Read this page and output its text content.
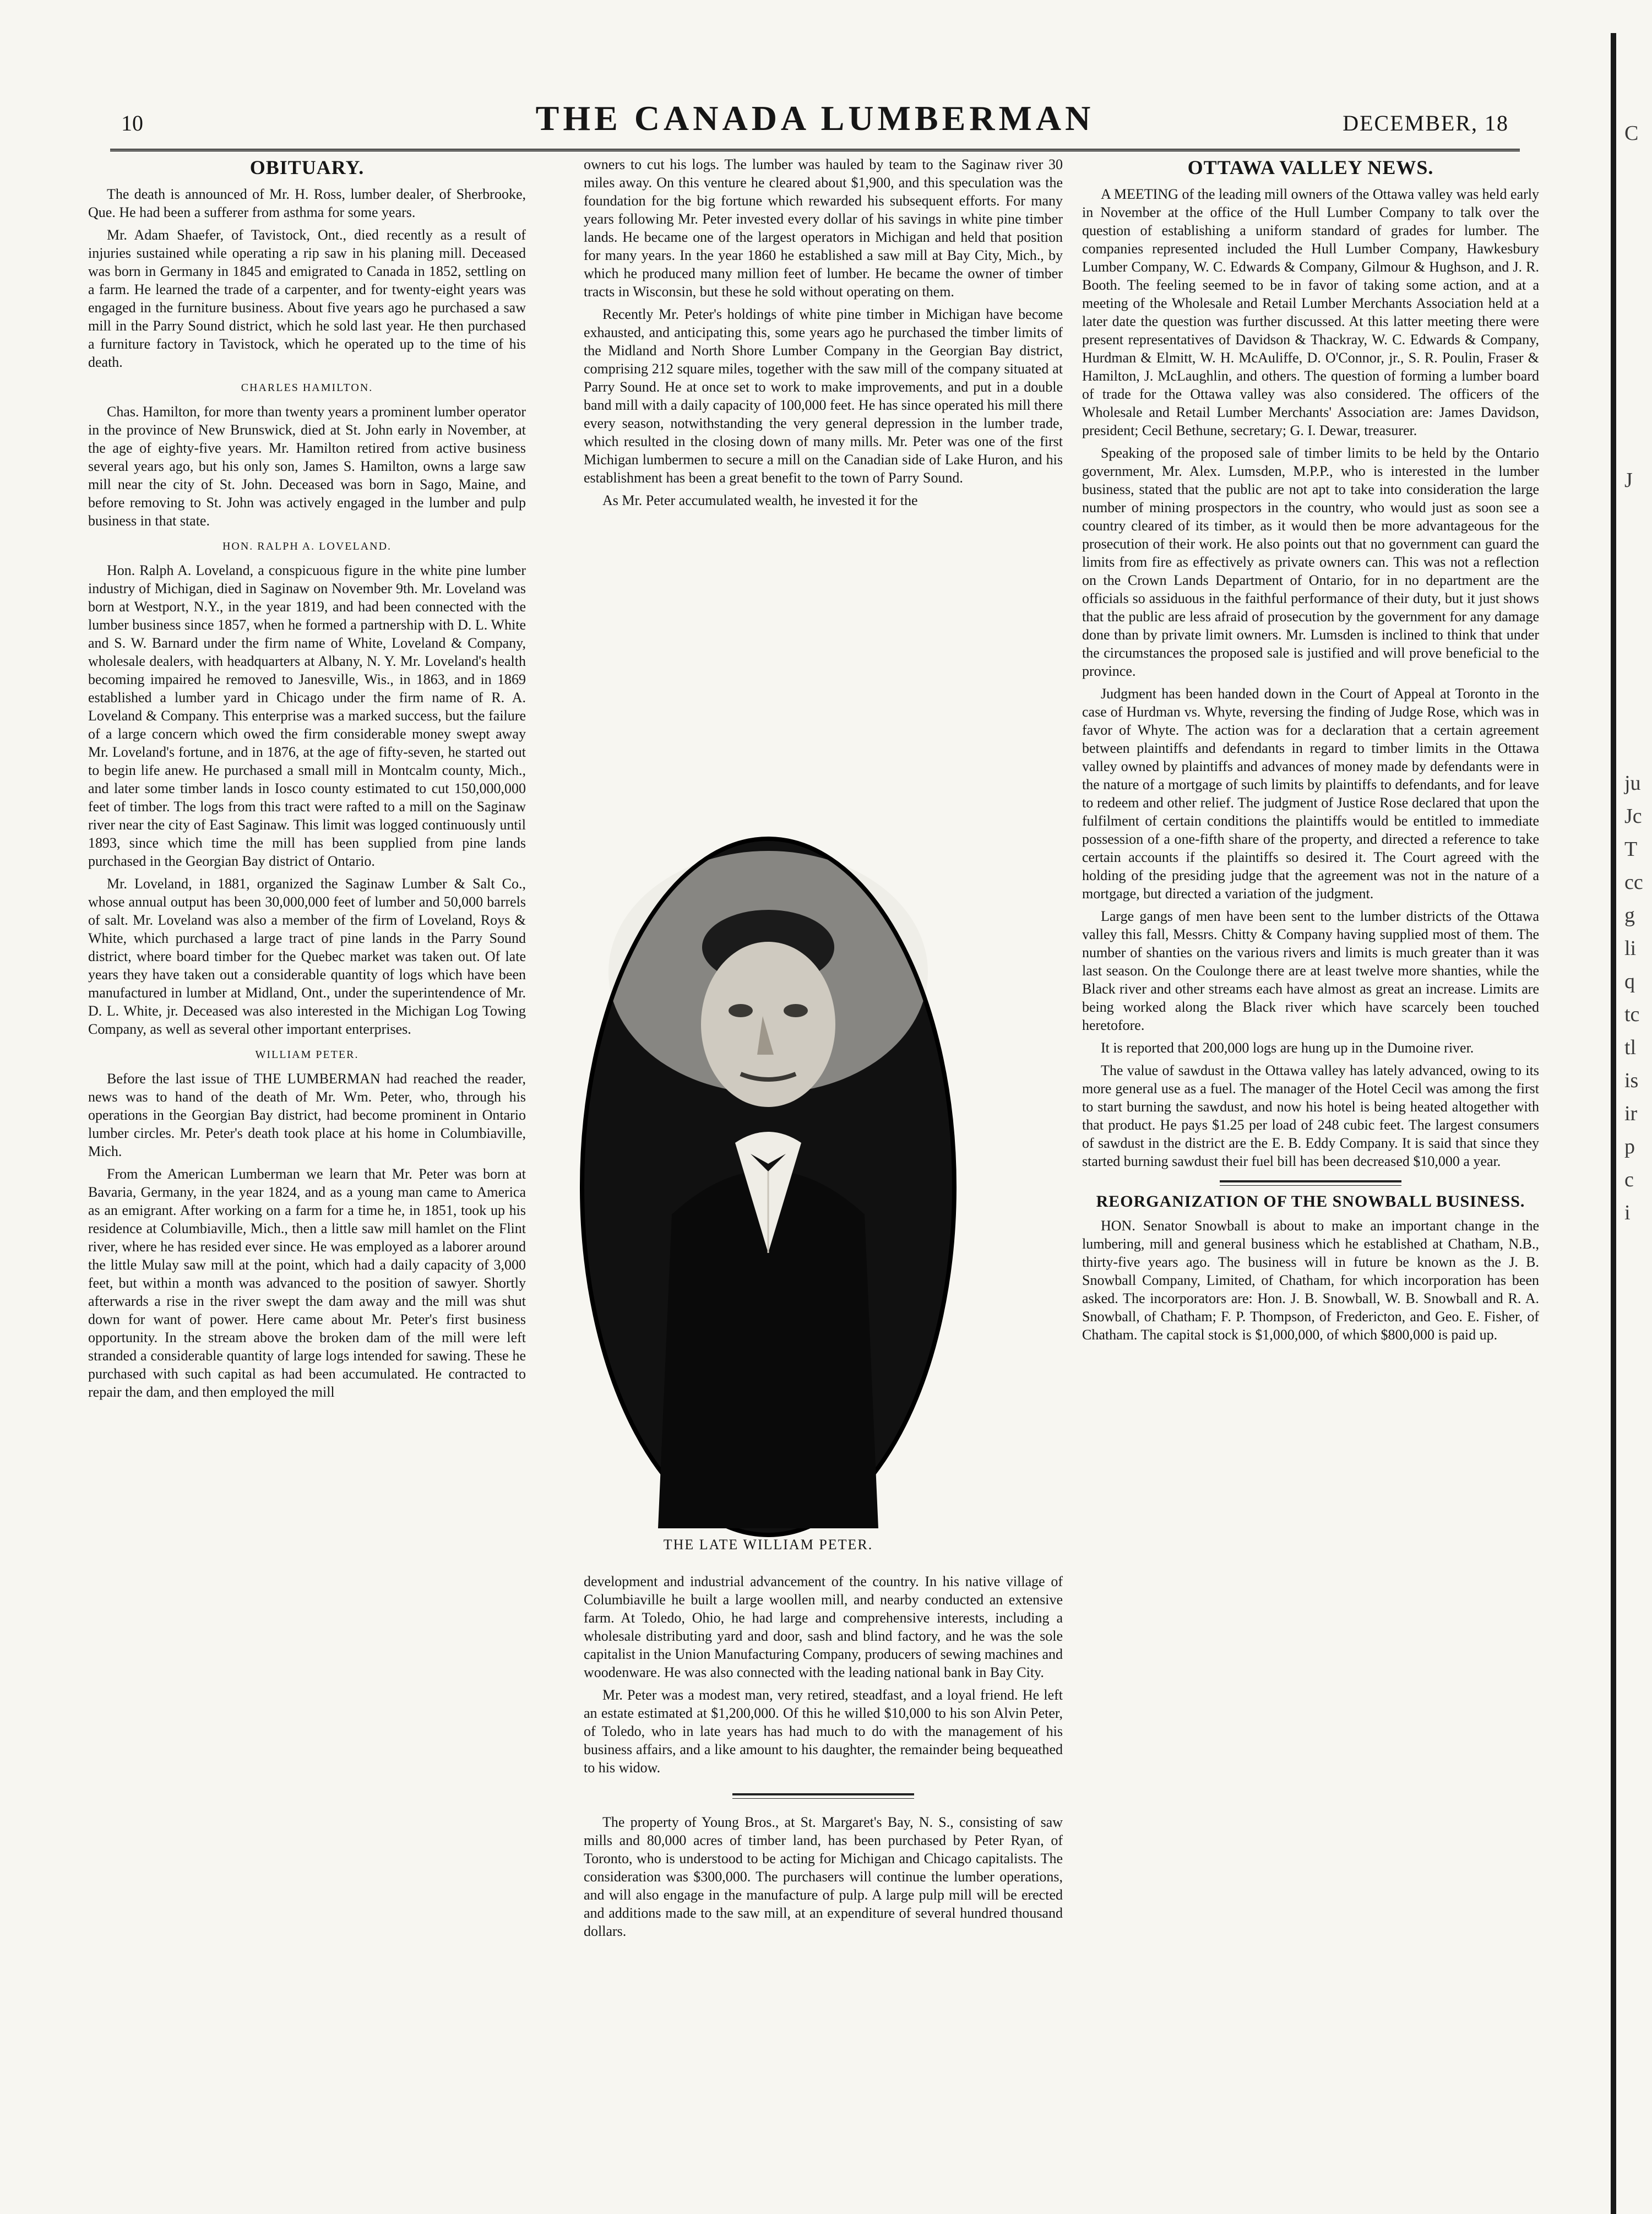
10	THE CANADA LUMBERMAN	DECEMBER, 18
OBITUARY.

The death is announced of Mr. H. Ross, lumber dealer, of Sherbrooke, Que. He had been a sufferer from asthma for some years.

Mr. Adam Shaefer, of Tavistock, Ont., died recently as a result of injuries sustained while operating a rip saw in his planing mill. Deceased was born in Germany in 1845 and emigrated to Canada in 1852, settling on a farm. He learned the trade of a carpenter, and for twenty-eight years was engaged in the furniture business. About five years ago he purchased a saw mill in the Parry Sound district, which he sold last year. He then purchased a furniture factory in Tavistock, which he operated up to the time of his death.

CHARLES HAMILTON.

Chas. Hamilton, for more than twenty years a prominent lumber operator in the province of New Brunswick, died at St. John early in November, at the age of eighty-five years. Mr. Hamilton retired from active business several years ago, but his only son, James S. Hamilton, owns a large saw mill near the city of St. John. Deceased was born in Sago, Maine, and before removing to St. John was actively engaged in the lumber and pulp business in that state.

HON. RALPH A. LOVELAND.

Hon. Ralph A. Loveland, a conspicuous figure in the white pine lumber industry of Michigan, died in Saginaw on November 9th. Mr. Loveland was born at Westport, N.Y., in the year 1819, and had been connected with the lumber business since 1857, when he formed a partnership with D. L. White and S. W. Barnard under the firm name of White, Loveland & Company, wholesale dealers, with headquarters at Albany, N. Y. Mr. Loveland's health becoming impaired he removed to Janesville, Wis., in 1863, and in 1869 established a lumber yard in Chicago under the firm name of R. A. Loveland & Company. This enterprise was a marked success, but the failure of a large concern which owed the firm considerable money swept away Mr. Loveland's fortune, and in 1876, at the age of fifty-seven, he started out to begin life anew. He purchased a small mill in Montcalm county, Mich., and later some timber lands in Iosco county estimated to cut 150,000,000 feet of timber. The logs from this tract were rafted to a mill on the Saginaw river near the city of East Saginaw. This limit was logged continuously until 1893, since which time the mill has been supplied from pine lands purchased in the Georgian Bay district of Ontario.

Mr. Loveland, in 1881, organized the Saginaw Lumber & Salt Co., whose annual output has been 30,000,000 feet of lumber and 50,000 barrels of salt. Mr. Loveland was also a member of the firm of Loveland, Roys & White, which purchased a large tract of pine lands in the Parry Sound district, where board timber for the Quebec market was taken out. Of late years they have taken out a considerable quantity of logs which have been manufactured in lumber at Midland, Ont., under the superintendence of Mr. D. L. White, jr. Deceased was also interested in the Michigan Log Towing Company, as well as several other important enterprises.

WILLIAM PETER.

Before the last issue of THE LUMBERMAN had reached the reader, news was to hand of the death of Mr. Wm. Peter, who, through his operations in the Georgian Bay district, had become prominent in Ontario lumber circles. Mr. Peter's death took place at his home in Columbiaville, Mich.

From the American Lumberman we learn that Mr. Peter was born at Bavaria, Germany, in the year 1824, and as a young man came to America as an emigrant. After working on a farm for a time he, in 1851, took up his residence at Columbiaville, Mich., then a little saw mill hamlet on the Flint river, where he has resided ever since. He was employed as a laborer around the little Mulay saw mill at the point, which had a daily capacity of 3,000 feet, but within a month was advanced to the position of sawyer. Shortly afterwards a rise in the river swept the dam away and the mill was shut down for want of power. Here came about Mr. Peter's first business opportunity. In the stream above the broken dam of the mill were left stranded a considerable quantity of large logs intended for sawing. These he purchased with such capital as had been accumulated. He contracted to repair the dam, and then employed the mill

owners to cut his logs. The lumber was hauled by team to the Saginaw river 30 miles away. On this venture he cleared about $1,900, and this speculation was the foundation for the big fortune which rewarded his subsequent efforts. For many years following Mr. Peter invested every dollar of his savings in white pine timber lands. He became one of the largest operators in Michigan and held that position for many years. In the year 1860 he established a saw mill at Bay City, Mich., by which he produced many million feet of lumber. He became the owner of timber tracts in Wisconsin, but these he sold without operating on them.

Recently Mr. Peter's holdings of white pine timber in Michigan have become exhausted, and anticipating this, some years ago he purchased the timber limits of the Midland and North Shore Lumber Company in the Georgian Bay district, comprising 212 square miles, together with the saw mill of the company situated at Parry Sound. He at once set to work to make improvements, and put in a double band mill with a daily capacity of 100,000 feet. He has since operated his mill there every season, notwithstanding the very general depression in the lumber trade, which resulted in the closing down of many mills. Mr. Peter was one of the first Michigan lumbermen to secure a mill on the Canadian side of Lake Huron, and his establishment has been a great benefit to the town of Parry Sound.

As Mr. Peter accumulated wealth, he invested it for the

THE LATE WILLIAM PETER.

development and industrial advancement of the country. In his native village of Columbiaville he built a large woollen mill, and nearby conducted an extensive farm. At Toledo, Ohio, he had large and comprehensive interests, including a wholesale distributing yard and door, sash and blind factory, and he was the sole capitalist in the Union Manufacturing Company, producers of sewing machines and woodenware. He was also connected with the leading national bank in Bay City.

Mr. Peter was a modest man, very retired, steadfast, and a loyal friend. He left an estate estimated at $1,200,000. Of this he willed $10,000 to his son Alvin Peter, of Toledo, who in late years has had much to do with the management of his business affairs, and a like amount to his daughter, the remainder being bequeathed to his widow.

The property of Young Bros., at St. Margaret's Bay, N. S., consisting of saw mills and 80,000 acres of timber land, has been purchased by Peter Ryan, of Toronto, who is understood to be acting for Michigan and Chicago capitalists. The consideration was $300,000. The purchasers will continue the lumber operations, and will also engage in the manufacture of pulp. A large pulp mill will be erected and additions made to the saw mill, at an expenditure of several hundred thousand dollars.

OTTAWA VALLEY NEWS.

A MEETING of the leading mill owners of the Ottawa valley was held early in November at the office of the Hull Lumber Company to talk over the question of establishing a uniform standard of grades for lumber. The companies represented included the Hull Lumber Company, Hawkesbury Lumber Company, W. C. Edwards & Company, Gilmour & Hughson, and J. R. Booth. The feeling seemed to be in favor of taking some action, and at a meeting of the Wholesale and Retail Lumber Merchants Association held at a later date the question was further discussed. At this latter meeting there were present representatives of Davidson & Thackray, W. C. Edwards & Company, Hurdman & Elmitt, W. H. McAuliffe, D. O'Connor, jr., S. R. Poulin, Fraser & Hamilton, J. McLaughlin, and others. The question of forming a lumber board of trade for the Ottawa valley was also considered. The officers of the Wholesale and Retail Lumber Merchants' Association are: James Davidson, president; Cecil Bethune, secretary; G. I. Dewar, treasurer.

Speaking of the proposed sale of timber limits to be held by the Ontario government, Mr. Alex. Lumsden, M.P.P., who is interested in the lumber business, stated that the public are not apt to take into consideration the large number of mining prospectors in the country, who would just as soon see a country cleared of its timber, as it would then be more advantageous for the prosecution of their work. He also points out that no government can guard the limits from fire as effectively as private owners can. This was not a reflection on the Crown Lands Department of Ontario, for in no department are the officials so assiduous in the faithful performance of their duty, but it just shows that the public are less afraid of prosecution by the government for any damage done than by private limit owners. Mr. Lumsden is inclined to think that under the circumstances the proposed sale is justified and will prove beneficial to the province.

Judgment has been handed down in the Court of Appeal at Toronto in the case of Hurdman vs. Whyte, reversing the finding of Judge Rose, which was in favor of Whyte. The action was for a declaration that a certain agreement between plaintiffs and defendants in regard to timber limits in the Ottawa valley owned by plaintiffs and advances of money made by defendants were in the nature of a mortgage of such limits by plaintiffs to defendants, and for leave to redeem and other relief. The judgment of Justice Rose declared that upon the fulfilment of certain conditions the plaintiffs would be entitled to immediate possession of a one-fifth share of the property, and directed a reference to take certain accounts if the plaintiffs so desired it. The Court agreed with the holding of the presiding judge that the agreement was not in the nature of a mortgage, but directed a variation of the judgment.

Large gangs of men have been sent to the lumber districts of the Ottawa valley this fall, Messrs. Chitty & Company having supplied most of them. The number of shanties on the various rivers and limits is much greater than it was last season. On the Coulonge there are at least twelve more shanties, while the Black river and other streams each have almost as great an increase. Limits are being worked along the Black river which have scarcely been touched heretofore.

It is reported that 200,000 logs are hung up in the Dumoine river.

The value of sawdust in the Ottawa valley has lately advanced, owing to its more general use as a fuel. The manager of the Hotel Cecil was among the first to start burning the sawdust, and now his hotel is being heated altogether with that product. He pays $1.25 per load of 248 cubic feet. The largest consumers of sawdust in the district are the E. B. Eddy Company. It is said that since they started burning sawdust their fuel bill has been decreased $10,000 a year.

REORGANIZATION OF THE SNOWBALL BUSINESS.

HON. Senator Snowball is about to make an important change in the lumbering, mill and general business which he established at Chatham, N.B., thirty-five years ago. The business will in future be known as the J. B. Snowball Company, Limited, of Chatham, for which incorporation has been asked. The incorporators are: Hon. J. B. Snowball, W. B. Snowball and R. A. Snowball, of Chatham; F. P. Thompson, of Fredericton, and Geo. E. Fisher, of Chatham. The capital stock is $1,000,000, of which $800,000 is paid up.

C
J
ju
Jc
T
cc
g
li
q
tc
tl
is
ir
p
c
i
